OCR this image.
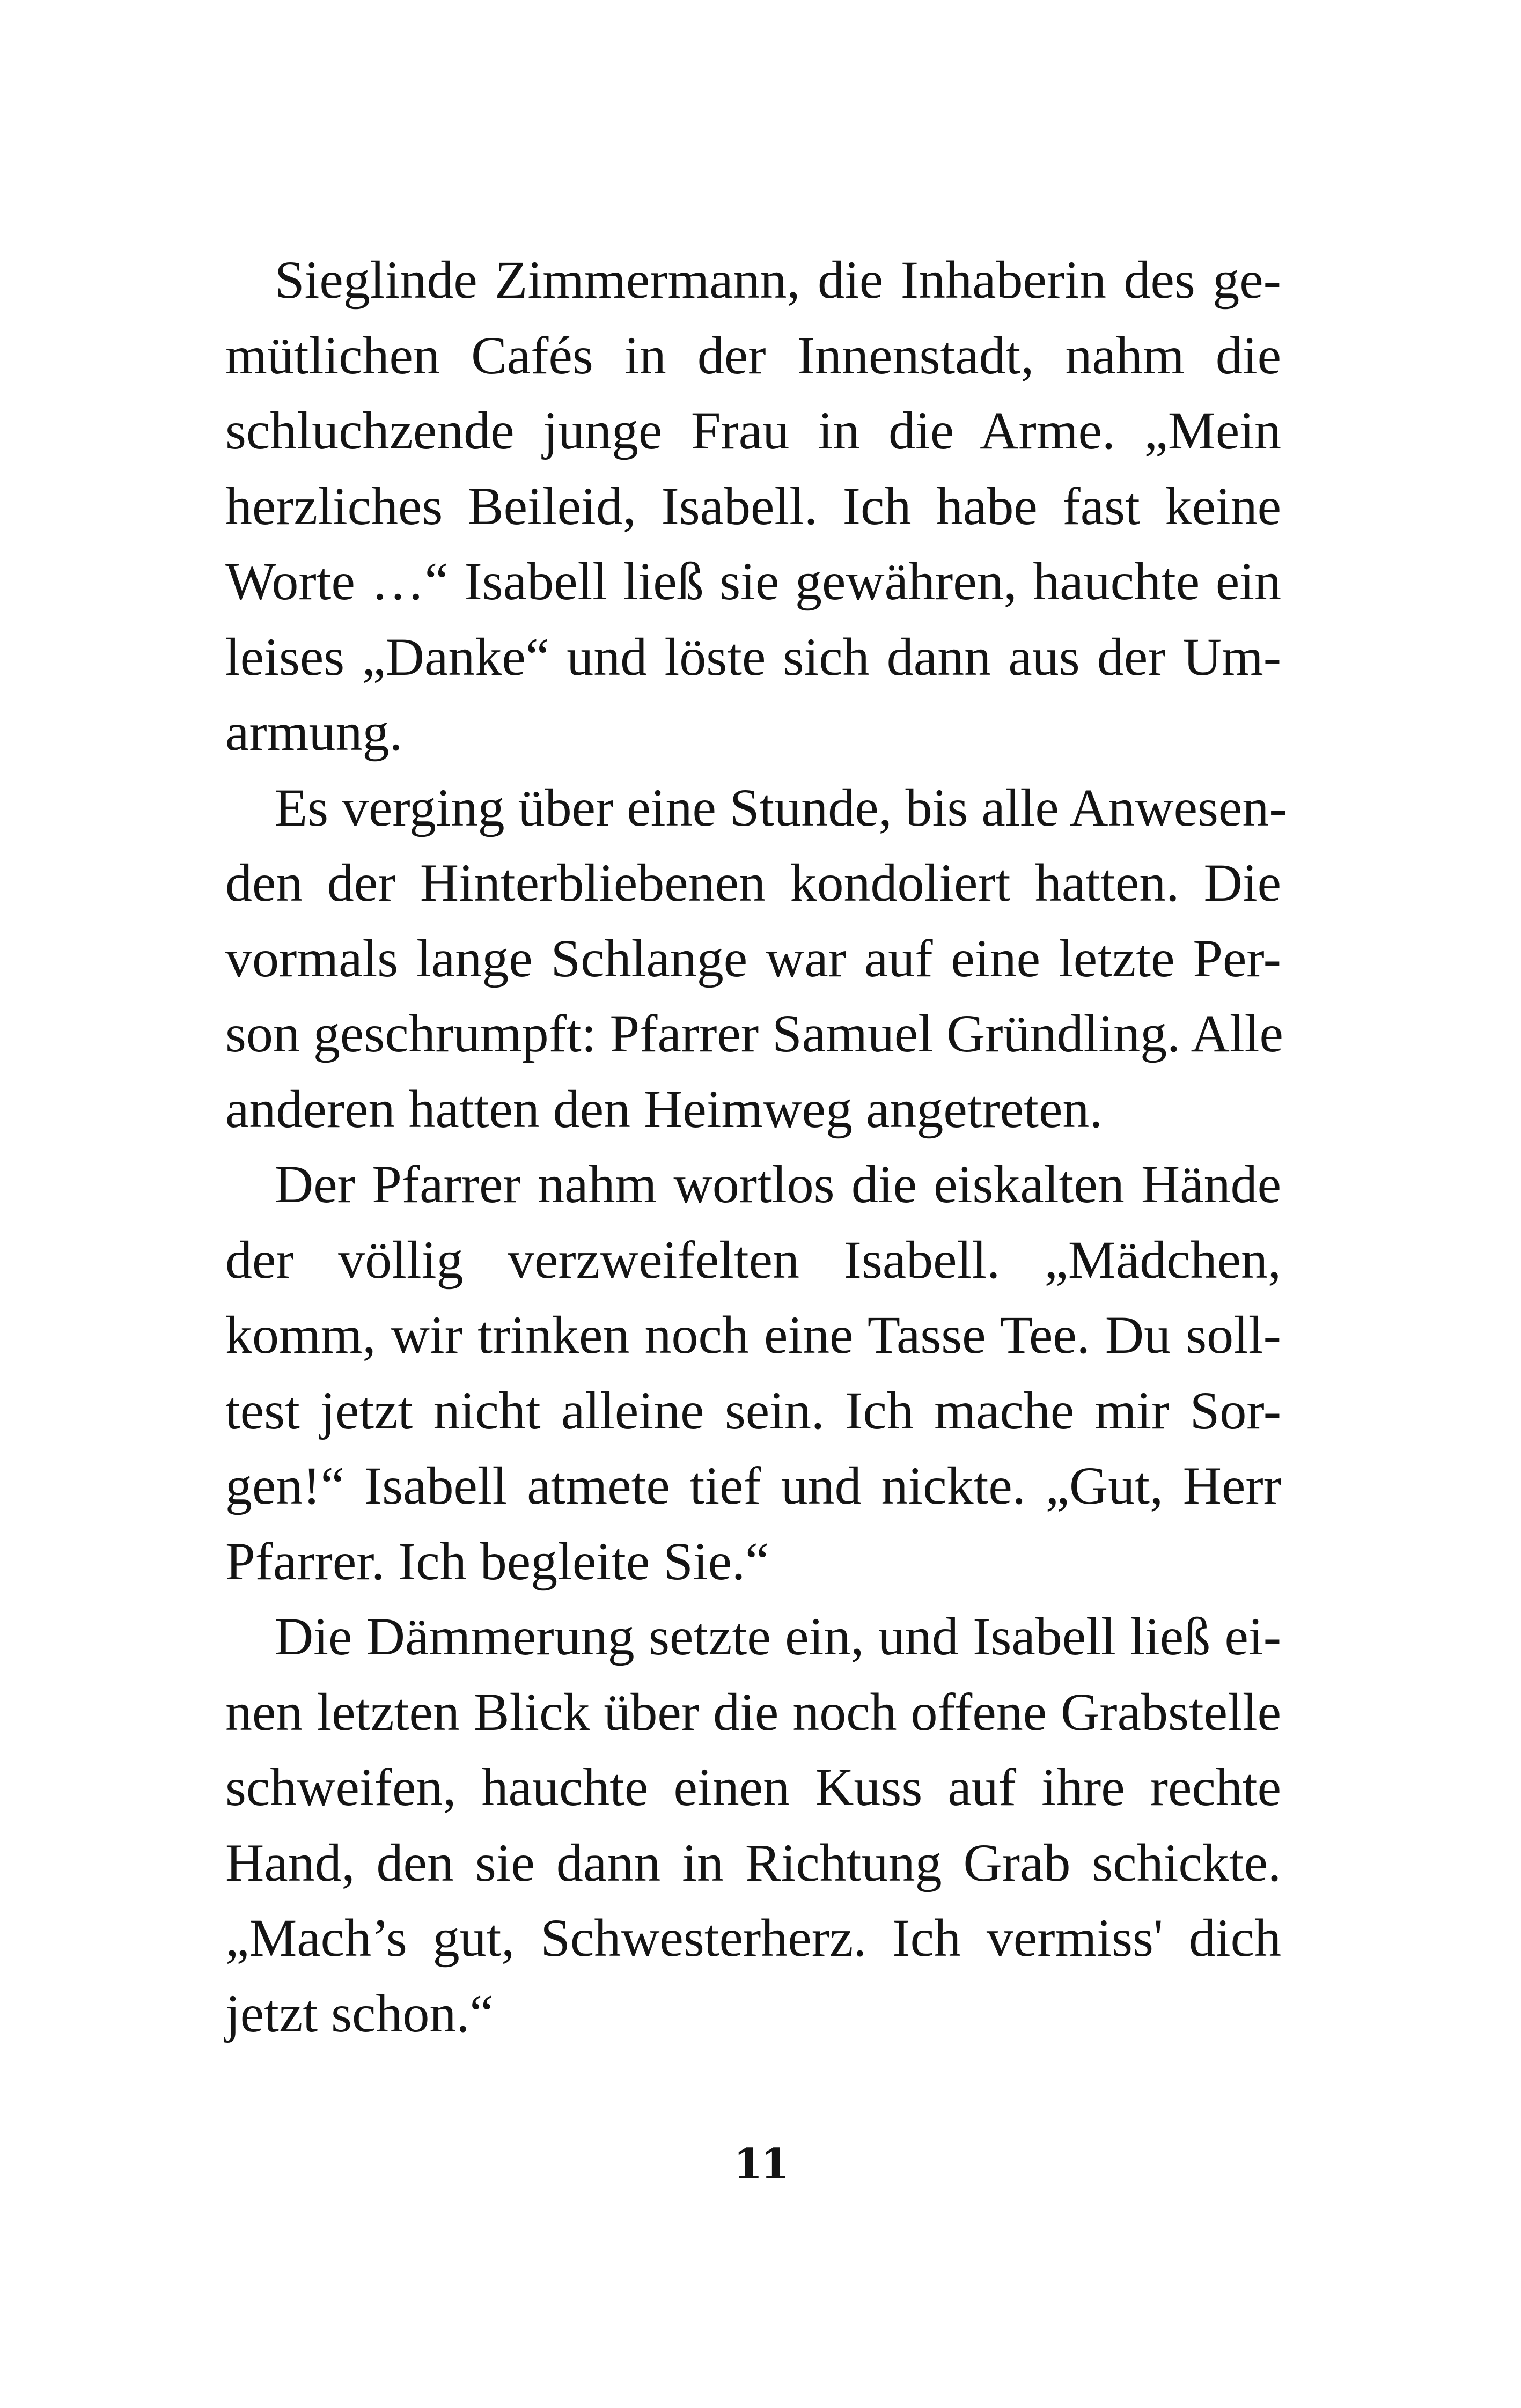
Sieglinde Zimmermann, die Inhaberin des ge-
mütlichen Cafés in der Innenstadt, nahm die
schluchzende junge Frau in die Arme. „Mein
herzliches Beileid, Isabell. Ich habe fast keine
Worte …“ Isabell ließ sie gewähren, hauchte ein
leises „Danke“ und löste sich dann aus der Um-
armung.

Es verging über eine Stunde, bis alle Anwesen-
den der Hinterbliebenen kondoliert hatten. Die
vormals lange Schlange war auf eine letzte Per-
son geschrumpft: Pfarrer Samuel Gründling. Alle
anderen hatten den Heimweg angetreten.

Der Pfarrer nahm wortlos die eiskalten Hände
der völlig verzweifelten Isabell. „Mädchen,
komm, wir trinken noch eine Tasse Tee. Du soll-
test jetzt nicht alleine sein. Ich mache mir Sor-
gen!“ Isabell atmete tief und nickte. „Gut, Herr
Pfarrer. Ich begleite Sie.“

Die Dämmerung setzte ein, und Isabell ließ ei-
nen letzten Blick über die noch offene Grabstelle
schweifen, hauchte einen Kuss auf ihre rechte
Hand, den sie dann in Richtung Grab schickte.
„Mach’s gut, Schwesterherz. Ich vermiss' dich
jetzt schon.“

11
